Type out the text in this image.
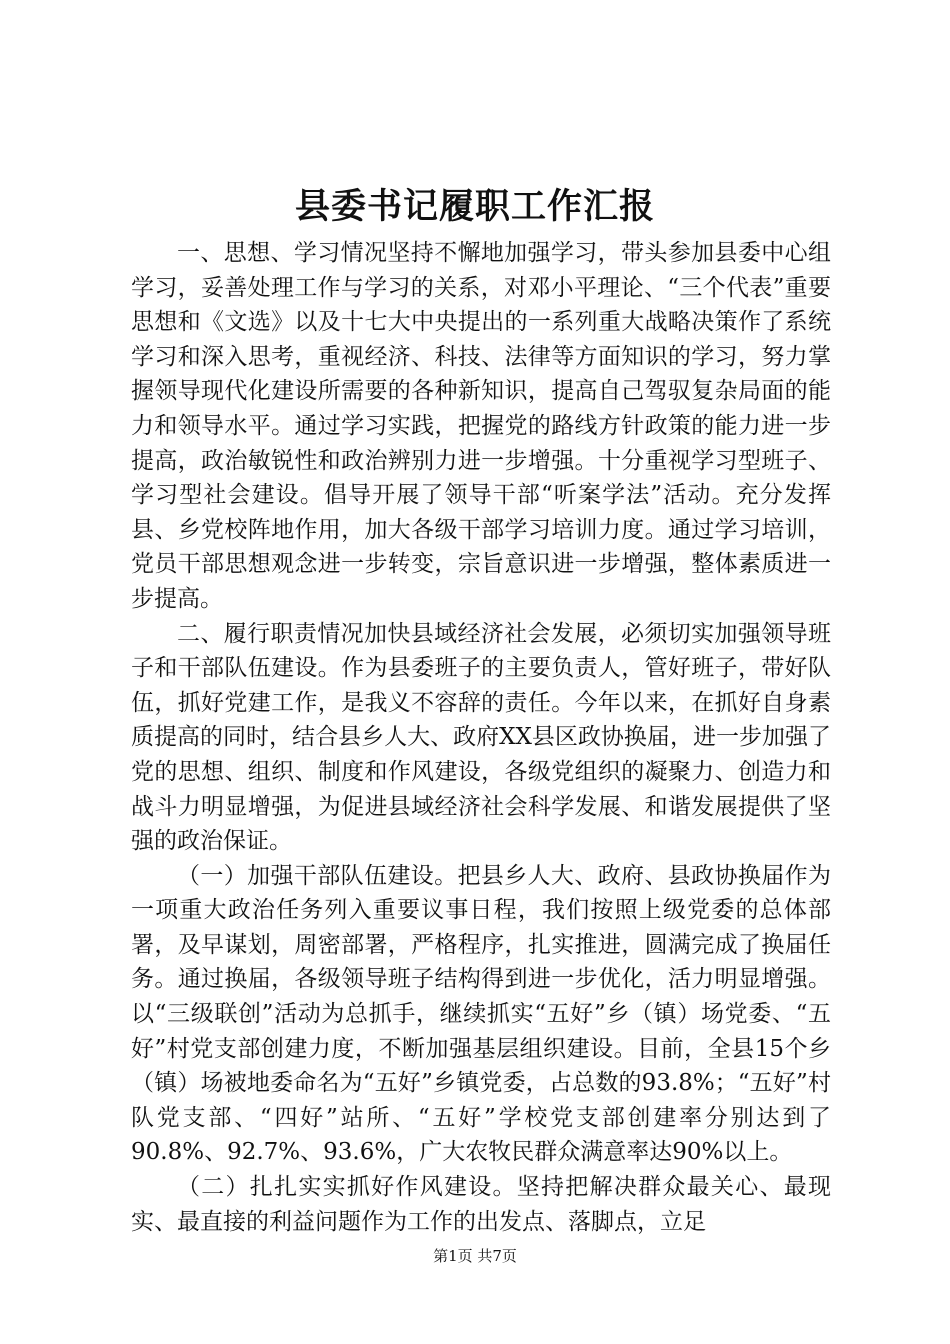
县委书记履职工作汇报

一、思想、学习情况坚持不懈地加强学习，带头参加县委中心组学习，妥善处理工作与学习的关系，对邓小平理论、“三个代表”重要思想和《文选》以及十七大中央提出的一系列重大战略决策作了系统学习和深入思考，重视经济、科技、法律等方面知识的学习，努力掌握领导现代化建设所需要的各种新知识，提高自己驾驭复杂局面的能力和领导水平。通过学习实践，把握党的路线方针政策的能力进一步提高，政治敏锐性和政治辨别力进一步增强。十分重视学习型班子、学习型社会建设。倡导开展了领导干部“听案学法”活动。充分发挥县、乡党校阵地作用，加大各级干部学习培训力度。通过学习培训，党员干部思想观念进一步转变，宗旨意识进一步增强，整体素质进一步提高。

二、履行职责情况加快县域经济社会发展，必须切实加强领导班子和干部队伍建设。作为县委班子的主要负责人，管好班子，带好队伍，抓好党建工作，是我义不容辞的责任。今年以来，在抓好自身素质提高的同时，结合县乡人大、政府XX县区政协换届，进一步加强了党的思想、组织、制度和作风建设，各级党组织的凝聚力、创造力和战斗力明显增强，为促进县域经济社会科学发展、和谐发展提供了坚强的政治保证。

（一）加强干部队伍建设。把县乡人大、政府、县政协换届作为一项重大政治任务列入重要议事日程，我们按照上级党委的总体部署，及早谋划，周密部署，严格程序，扎实推进，圆满完成了换届任务。通过换届，各级领导班子结构得到进一步优化，活力明显增强。以“三级联创”活动为总抓手，继续抓实“五好”乡（镇）场党委、“五好”村党支部创建力度，不断加强基层组织建设。目前，全县15个乡（镇）场被地委命名为“五好”乡镇党委，占总数的93.8%；“五好”村队党支部、“四好”站所、“五好”学校党支部创建率分别达到了90.8%、92.7%、93.6%，广大农牧民群众满意率达90%以上。

（二）扎扎实实抓好作风建设。坚持把解决群众最关心、最现实、最直接的利益问题作为工作的出发点、落脚点，立足

第1页 共7页
